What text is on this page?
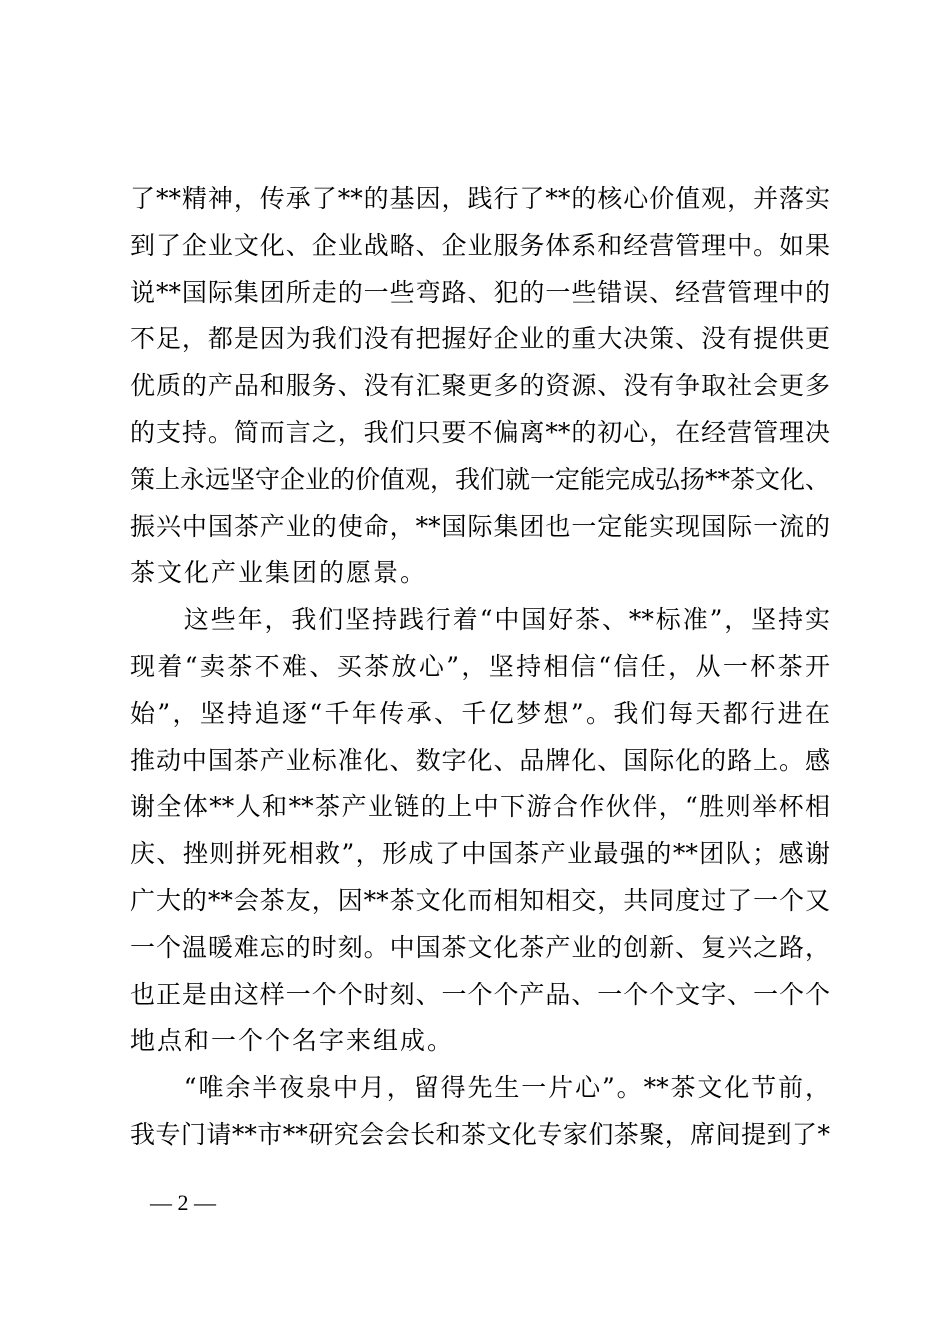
了**精神，传承了**的基因，践行了**的核心价值观，并落实
到了企业文化、企业战略、企业服务体系和经营管理中。如果
说**国际集团所走的一些弯路、犯的一些错误、经营管理中的
不足，都是因为我们没有把握好企业的重大决策、没有提供更
优质的产品和服务、没有汇聚更多的资源、没有争取社会更多
的支持。简而言之，我们只要不偏离**的初心，在经营管理决
策上永远坚守企业的价值观，我们就一定能完成弘扬**茶文化、
振兴中国茶产业的使命，**国际集团也一定能实现国际一流的
茶文化产业集团的愿景。
　　这些年，我们坚持践行着“中国好茶、**标准”，坚持实
现着“卖茶不难、买茶放心”，坚持相信“信任，从一杯茶开
始”，坚持追逐“千年传承、千亿梦想”。我们每天都行进在
推动中国茶产业标准化、数字化、品牌化、国际化的路上。感
谢全体**人和**茶产业链的上中下游合作伙伴，“胜则举杯相
庆、挫则拼死相救”，形成了中国茶产业最强的**团队；感谢
广大的**会茶友，因**茶文化而相知相交，共同度过了一个又
一个温暖难忘的时刻。中国茶文化茶产业的创新、复兴之路，
也正是由这样一个个时刻、一个个产品、一个个文字、一个个
地点和一个个名字来组成。
　　“唯余半夜泉中月，留得先生一片心”。**茶文化节前，
我专门请**市**研究会会长和茶文化专家们茶聚，席间提到了*
— 2 —
